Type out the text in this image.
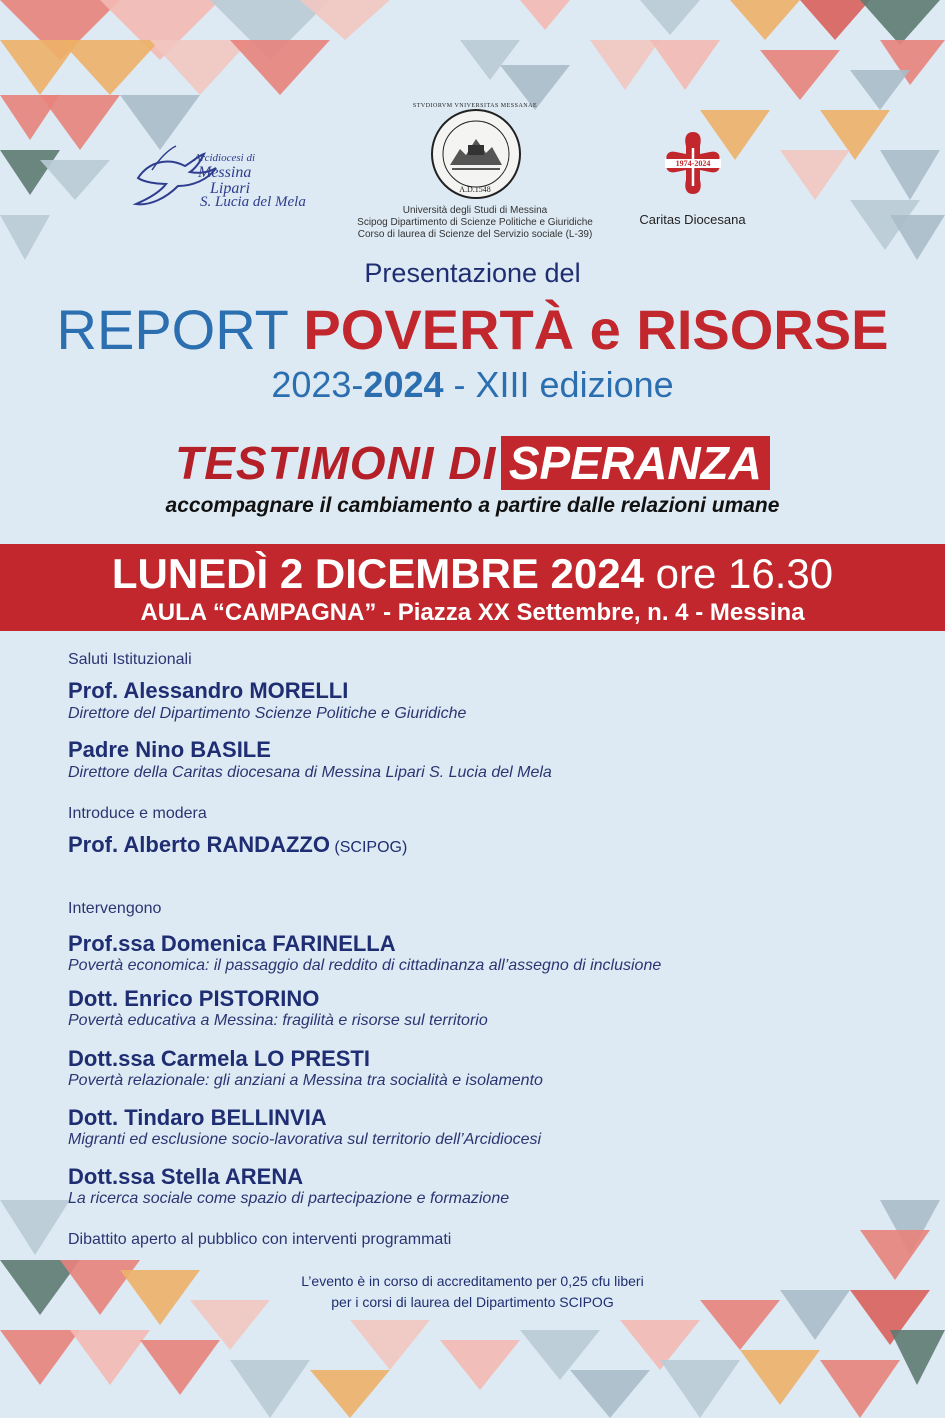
Arcidiocesi di
Messina
Lipari
S. Lucia del Mela
STVDIORVM VNIVERSITAS MESSANAE
A.D.1548
Università degli Studi di Messina
Scipog Dipartimento di Scienze Politiche e Giuridiche
Corso di laurea di Scienze del Servizio sociale (L-39)
1974-2024
Caritas Diocesana
Presentazione del
REPORT POVERTÀ e RISORSE
2023-2024 - XIII edizione
TESTIMONI DI SPERANZA
accompagnare il cambiamento a partire dalle relazioni umane
LUNEDÌ 2 DICEMBRE 2024 ore 16.30
AULA “CAMPAGNA” - Piazza XX Settembre, n. 4 - Messina
Saluti Istituzionali
Prof. Alessandro MORELLI
Direttore del Dipartimento Scienze Politiche e Giuridiche
Padre Nino BASILE
Direttore della Caritas diocesana di Messina Lipari S. Lucia del Mela
Introduce e modera
Prof. Alberto RANDAZZO (SCIPOG)
Intervengono
Prof.ssa Domenica FARINELLA
Povertà economica: il passaggio dal reddito di cittadinanza all’assegno di inclusione
Dott. Enrico PISTORINO
Povertà educativa a Messina: fragilità e risorse sul territorio
Dott.ssa Carmela LO PRESTI
Povertà relazionale: gli anziani a Messina tra socialità e isolamento
Dott. Tindaro BELLINVIA
Migranti ed esclusione socio-lavorativa sul territorio dell’Arcidiocesi
Dott.ssa Stella ARENA
La ricerca sociale come spazio di partecipazione e formazione
Dibattito aperto al pubblico con interventi programmati
L’evento è in corso di accreditamento per 0,25 cfu liberi
per i corsi di laurea del Dipartimento SCIPOG
